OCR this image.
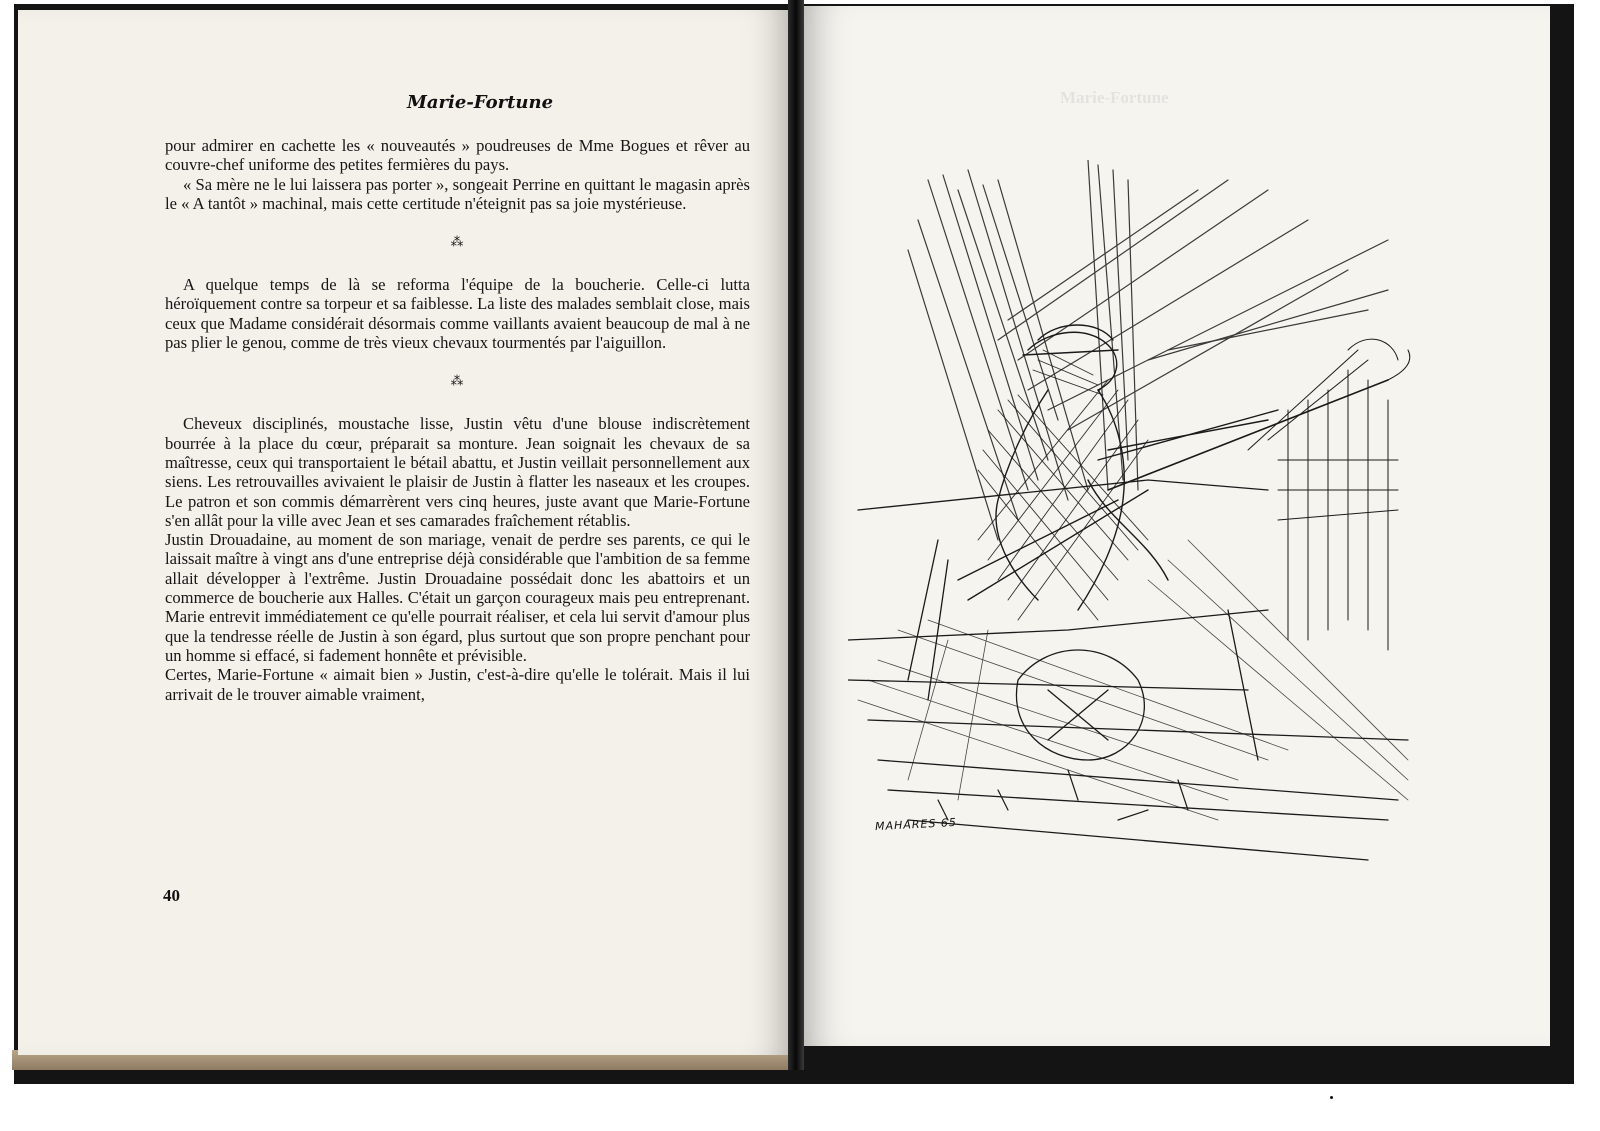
Marie-Fortune

pour admirer en cachette les « nouveautés » poudreuses de Mme Bogues et rêver au couvre-chef uniforme des petites fermières du pays.

« Sa mère ne le lui laissera pas porter », songeait Perrine en quittant le magasin après le « A tantôt » machinal, mais cette certitude n'éteignit pas sa joie mystérieuse.

⁂

A quelque temps de là se reforma l'équipe de la boucherie. Celle-ci lutta héroïquement contre sa torpeur et sa faiblesse. La liste des malades semblait close, mais ceux que Madame considérait désormais comme vaillants avaient beaucoup de mal à ne pas plier le genou, comme de très vieux chevaux tourmentés par l'aiguillon.

⁂

Cheveux disciplinés, moustache lisse, Justin vêtu d'une blouse indiscrètement bourrée à la place du cœur, préparait sa monture. Jean soignait les chevaux de sa maîtresse, ceux qui transportaient le bétail abattu, et Justin veillait personnellement aux siens. Les retrouvailles avivaient le plaisir de Justin à flatter les naseaux et les croupes. Le patron et son commis démarrèrent vers cinq heures, juste avant que Marie-Fortune s'en allât pour la ville avec Jean et ses camarades fraîchement rétablis.

Justin Drouadaine, au moment de son mariage, venait de perdre ses parents, ce qui le laissait maître à vingt ans d'une entreprise déjà considérable que l'ambition de sa femme allait développer à l'extrême. Justin Drouadaine possédait donc les abattoirs et un commerce de boucherie aux Halles. C'était un garçon courageux mais peu entreprenant. Marie entrevit immédiatement ce qu'elle pourrait réaliser, et cela lui servit d'amour plus que la tendresse réelle de Justin à son égard, plus surtout que son propre penchant pour un homme si effacé, si fadement honnête et prévisible.

Certes, Marie-Fortune « aimait bien » Justin, c'est-à-dire qu'elle le tolérait. Mais il lui arrivait de le trouver aimable vraiment,

40
Marie-Fortune
MAHARES 65
